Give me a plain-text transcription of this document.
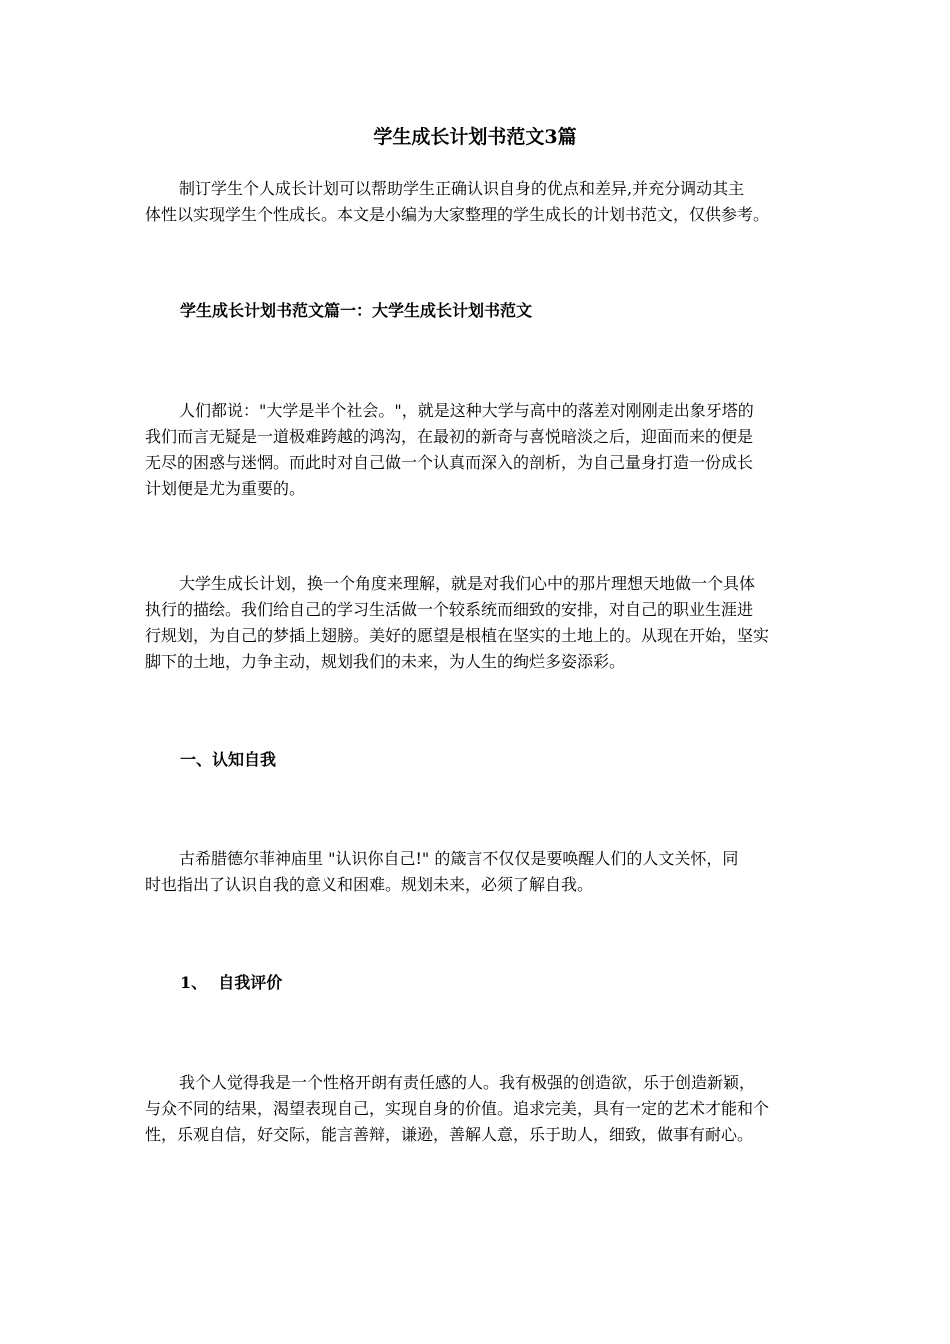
学生成长计划书范文3篇

制订学生个人成长计划可以帮助学生正确认识自身的优点和差异,并充分调动其主
体性以实现学生个性成长。本文是小编为大家整理的学生成长的计划书范文，仅供参考。

学生成长计划书范文篇一：大学生成长计划书范文

人们都说："大学是半个社会。"，就是这种大学与高中的落差对刚刚走出象牙塔的
我们而言无疑是一道极难跨越的鸿沟，在最初的新奇与喜悦暗淡之后，迎面而来的便是
无尽的困惑与迷惘。而此时对自己做一个认真而深入的剖析，为自己量身打造一份成长
计划便是尤为重要的。

大学生成长计划，换一个角度来理解，就是对我们心中的那片理想天地做一个具体
执行的描绘。我们给自己的学习生活做一个较系统而细致的安排，对自己的职业生涯进
行规划，为自己的梦插上翅膀。美好的愿望是根植在坚实的土地上的。从现在开始，坚实
脚下的土地，力争主动，规划我们的未来，为人生的绚烂多姿添彩。

一、认知自我

古希腊德尔菲神庙里 "认识你自己!" 的箴言不仅仅是要唤醒人们的人文关怀，同
时也指出了认识自我的意义和困难。规划未来，必须了解自我。

1、  自我评价

我个人觉得我是一个性格开朗有责任感的人。我有极强的创造欲，乐于创造新颖，
与众不同的结果，渴望表现自己，实现自身的价值。追求完美，具有一定的艺术才能和个
性，乐观自信，好交际，能言善辩，谦逊，善解人意，乐于助人，细致，做事有耐心。
